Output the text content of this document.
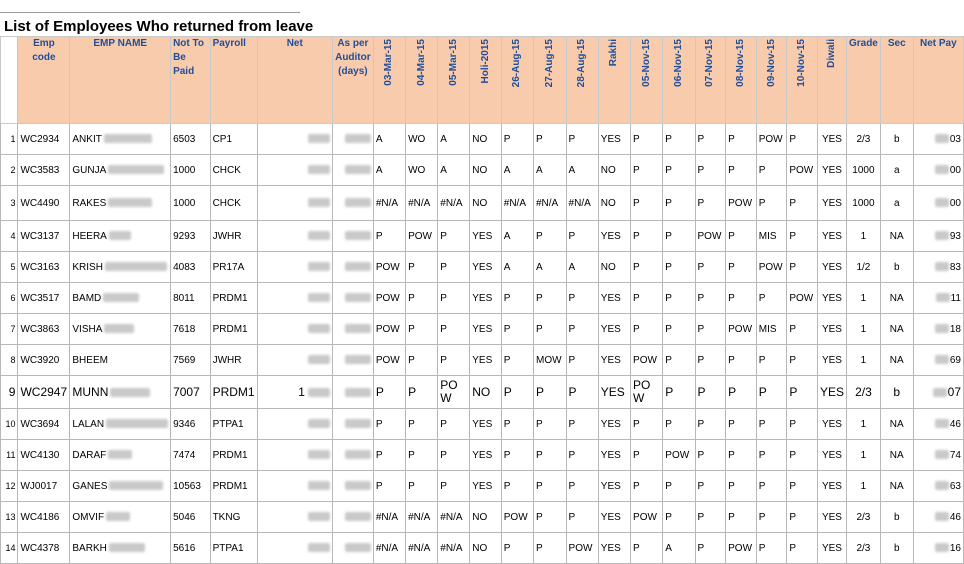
List of Employees Who returned from leave
	Emp code	EMP NAME	Not To Be Paid	Payroll	Net	As per Auditor (days)	03-Mar-15	04-Mar-15	05-Mar-15	Holi-2015	26-Aug-15	27-Aug-15	28-Aug-15	Rakhi	05-Nov-15	06-Nov-15	07-Nov-15	08-Nov-15	09-Nov-15	10-Nov-15	Diwali	Grade	Sec	Net Pay
1	WC2934	ANKIT	6503	CP1			A	WO	A	NO	P	P	P	YES	P	P	P	P	POW	P	YES	2/3	b	03
2	WC3583	GUNJA	1000	CHCK			A	WO	A	NO	A	A	A	NO	P	P	P	P	P	POW	YES	1000	a	00
3	WC4490	RAKES	1000	CHCK			#N/A	#N/A	#N/A	NO	#N/A	#N/A	#N/A	NO	P	P	P	POW	P	P	YES	1000	a	00
4	WC3137	HEERA	9293	JWHR			P	POW	P	YES	A	P	P	YES	P	P	POW	P	MIS	P	YES	1	NA	93
5	WC3163	KRISH	4083	PR17A			POW	P	P	YES	A	A	A	NO	P	P	P	P	POW	P	YES	1/2	b	83
6	WC3517	BAMD	8011	PRDM1			POW	P	P	YES	P	P	P	YES	P	P	P	P	P	POW	YES	1	NA	11
7	WC3863	VISHA	7618	PRDM1			POW	P	P	YES	P	P	P	YES	P	P	P	POW	MIS	P	YES	1	NA	18
8	WC3920	BHEEM	7569	JWHR			POW	P	P	YES	P	MOW	P	YES	POW	P	P	P	P	P	YES	1	NA	69
9	WC2947	MUNN	7007	PRDM1	1		P	P	POW	NO	P	P	P	YES	POW	P	P	P	P	P	YES	2/3	b	07
10	WC3694	LALAN	9346	PTPA1			P	P	P	YES	P	P	P	YES	P	P	P	P	P	P	YES	1	NA	46
11	WC4130	DARAF	7474	PRDM1			P	P	P	YES	P	P	P	YES	P	POW	P	P	P	P	YES	1	NA	74
12	WJ0017	GANES	10563	PRDM1			P	P	P	YES	P	P	P	YES	P	P	P	P	P	P	YES	1	NA	63
13	WC4186	OMVIF	5046	TKNG			#N/A	#N/A	#N/A	NO	POW	P	P	YES	POW	P	P	P	P	P	YES	2/3	b	46
14	WC4378	BARKH	5616	PTPA1			#N/A	#N/A	#N/A	NO	P	P	POW	YES	P	A	P	POW	P	P	YES	2/3	b	16
